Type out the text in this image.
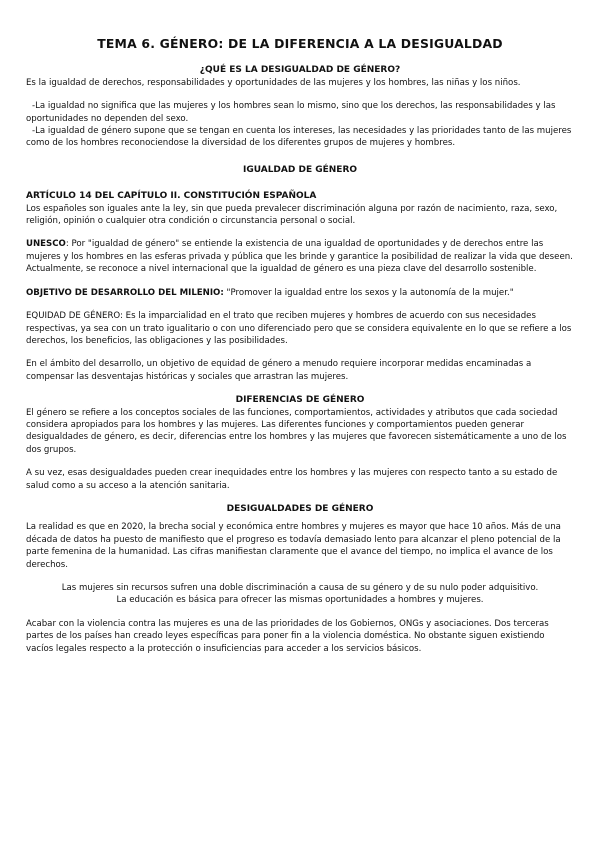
TEMA 6. GÉNERO: DE LA DIFERENCIA A LA DESIGUALDAD
¿QUÉ ES LA DESIGUALDAD DE GÉNERO?

Es la igualdad de derechos, responsabilidades y oportunidades de las mujeres y los hombres, las niñas y los niños.

-La igualdad no significa que las mujeres y los hombres sean lo mismo, sino que los derechos, las responsabilidades y las oportunidades no dependen del sexo.

-La igualdad de género supone que se tengan en cuenta los intereses, las necesidades y las prioridades tanto de las mujeres como de los hombres reconociendose la diversidad de los diferentes grupos de mujeres y hombres.

IGUALDAD DE GÉNERO
ARTÍCULO 14 DEL CAPÍTULO II. CONSTITUCIÓN ESPAÑOLA

Los españoles son iguales ante la ley, sin que pueda prevalecer discriminación alguna por razón de nacimiento, raza, sexo, religión, opinión o cualquier otra condición o circunstancia personal o social.

UNESCO: Por "igualdad de género" se entiende la existencia de una igualdad de oportunidades y de derechos entre las mujeres y los hombres en las esferas privada y pública que les brinde y garantice la posibilidad de realizar la vida que deseen. Actualmente, se reconoce a nivel internacional que la igualdad de género es una pieza clave del desarrollo sostenible.

OBJETIVO DE DESARROLLO DEL MILENIO: "Promover la igualdad entre los sexos y la autonomía de la mujer."

EQUIDAD DE GÉNERO: Es la imparcialidad en el trato que reciben mujeres y hombres de acuerdo con sus necesidades respectivas, ya sea con un trato igualitario o con uno diferenciado pero que se considera equivalente en lo que se refiere a los derechos, los beneficios, las obligaciones y las posibilidades.

En el ámbito del desarrollo, un objetivo de equidad de género a menudo requiere incorporar medidas encaminadas a compensar las desventajas históricas y sociales que arrastran las mujeres.

DIFERENCIAS DE GÉNERO

El género se refiere a los conceptos sociales de las funciones, comportamientos, actividades y atributos que cada sociedad considera apropiados para los hombres y las mujeres. Las diferentes funciones y comportamientos pueden generar desigualdades de género, es decir, diferencias entre los hombres y las mujeres que favorecen sistemáticamente a uno de los dos grupos.

A su vez, esas desigualdades pueden crear inequidades entre los hombres y las mujeres con respecto tanto a su estado de salud como a su acceso a la atención sanitaria.

DESIGUALDADES DE GÉNERO

La realidad es que en 2020, la brecha social y económica entre hombres y mujeres es mayor que hace 10 años. Más de una década de datos ha puesto de manifiesto que el progreso es todavía demasiado lento para alcanzar el pleno potencial de la parte femenina de la humanidad. Las cifras manifiestan claramente que el avance del tiempo, no implica el avance de los derechos.

Las mujeres sin recursos sufren una doble discriminación a causa de su género y de su nulo poder adquisitivo.

La educación es básica para ofrecer las mismas oportunidades a hombres y mujeres.

Acabar con la violencia contra las mujeres es una de las prioridades de los Gobiernos, ONGs y asociaciones. Dos terceras partes de los países han creado leyes específicas para poner fin a la violencia doméstica. No obstante siguen existiendo vacíos legales respecto a la protección o insuficiencias para acceder a los servicios básicos.
